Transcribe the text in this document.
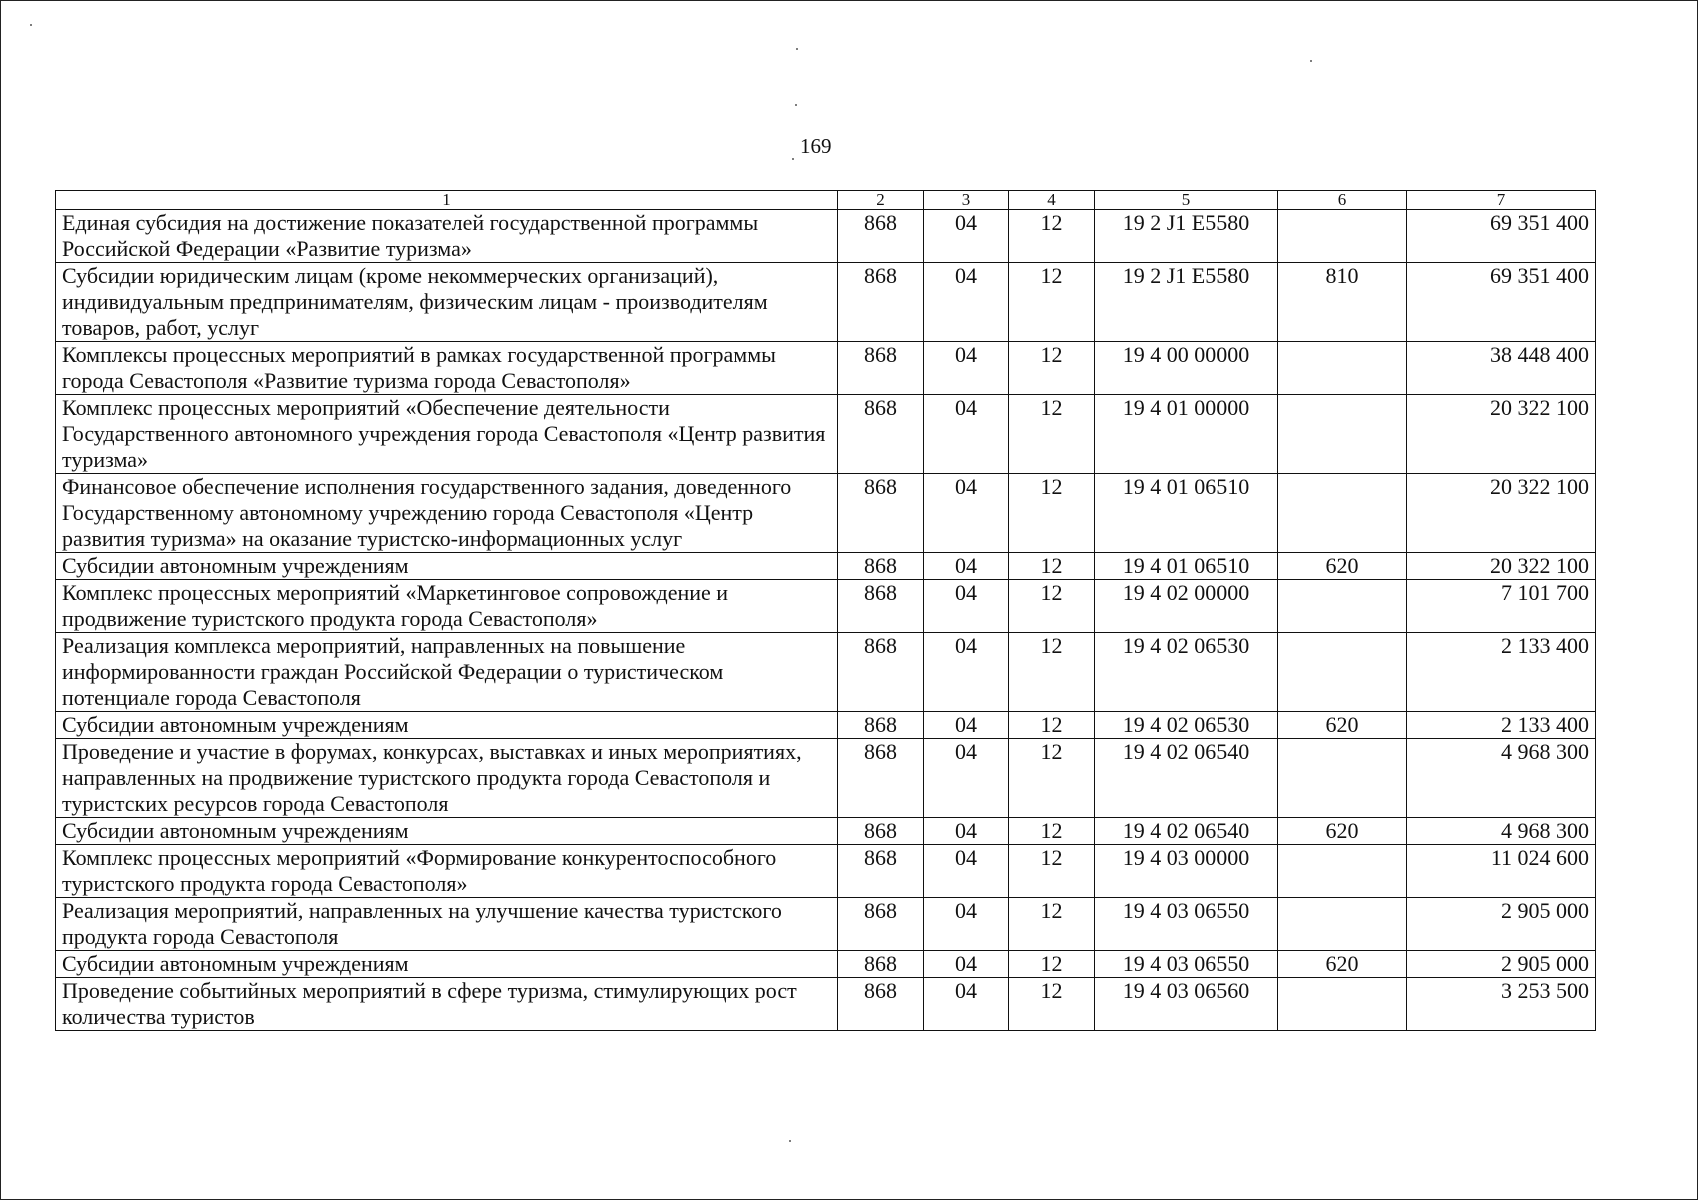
169
1	2	3	4	5	6	7
Единая субсидия на достижение показателей государственной программы Российской Федерации «Развитие туризма»	868	04	12	19 2 J1 E5580		69 351 400
Субсидии юридическим лицам (кроме некоммерческих организаций), индивидуальным предпринимателям, физическим лицам - производителям товаров, работ, услуг	868	04	12	19 2 J1 E5580	810	69 351 400
Комплексы процессных мероприятий в рамках государственной программы города Севастополя «Развитие туризма города Севастополя»	868	04	12	19 4 00 00000		38 448 400
Комплекс процессных мероприятий «Обеспечение деятельности Государственного автономного учреждения города Севастополя «Центр развития туризма»	868	04	12	19 4 01 00000		20 322 100
Финансовое обеспечение исполнения государственного задания, доведенного Государственному автономному учреждению города Севастополя «Центр развития туризма» на оказание туристско-информационных услуг	868	04	12	19 4 01 06510		20 322 100
Субсидии автономным учреждениям	868	04	12	19 4 01 06510	620	20 322 100
Комплекс процессных мероприятий «Маркетинговое сопровождение и продвижение туристского продукта города Севастополя»	868	04	12	19 4 02 00000		7 101 700
Реализация комплекса мероприятий, направленных на повышение информированности граждан Российской Федерации о туристическом потенциале города Севастополя	868	04	12	19 4 02 06530		2 133 400
Субсидии автономным учреждениям	868	04	12	19 4 02 06530	620	2 133 400
Проведение и участие в форумах, конкурсах, выставках и иных мероприятиях, направленных на продвижение туристского продукта города Севастополя и туристских ресурсов города Севастополя	868	04	12	19 4 02 06540		4 968 300
Субсидии автономным учреждениям	868	04	12	19 4 02 06540	620	4 968 300
Комплекс процессных мероприятий «Формирование конкурентоспособного туристского продукта города Севастополя»	868	04	12	19 4 03 00000		11 024 600
Реализация мероприятий, направленных на улучшение качества туристского продукта города Севастополя	868	04	12	19 4 03 06550		2 905 000
Субсидии автономным учреждениям	868	04	12	19 4 03 06550	620	2 905 000
Проведение событийных мероприятий в сфере туризма, стимулирующих рост количества туристов	868	04	12	19 4 03 06560		3 253 500
